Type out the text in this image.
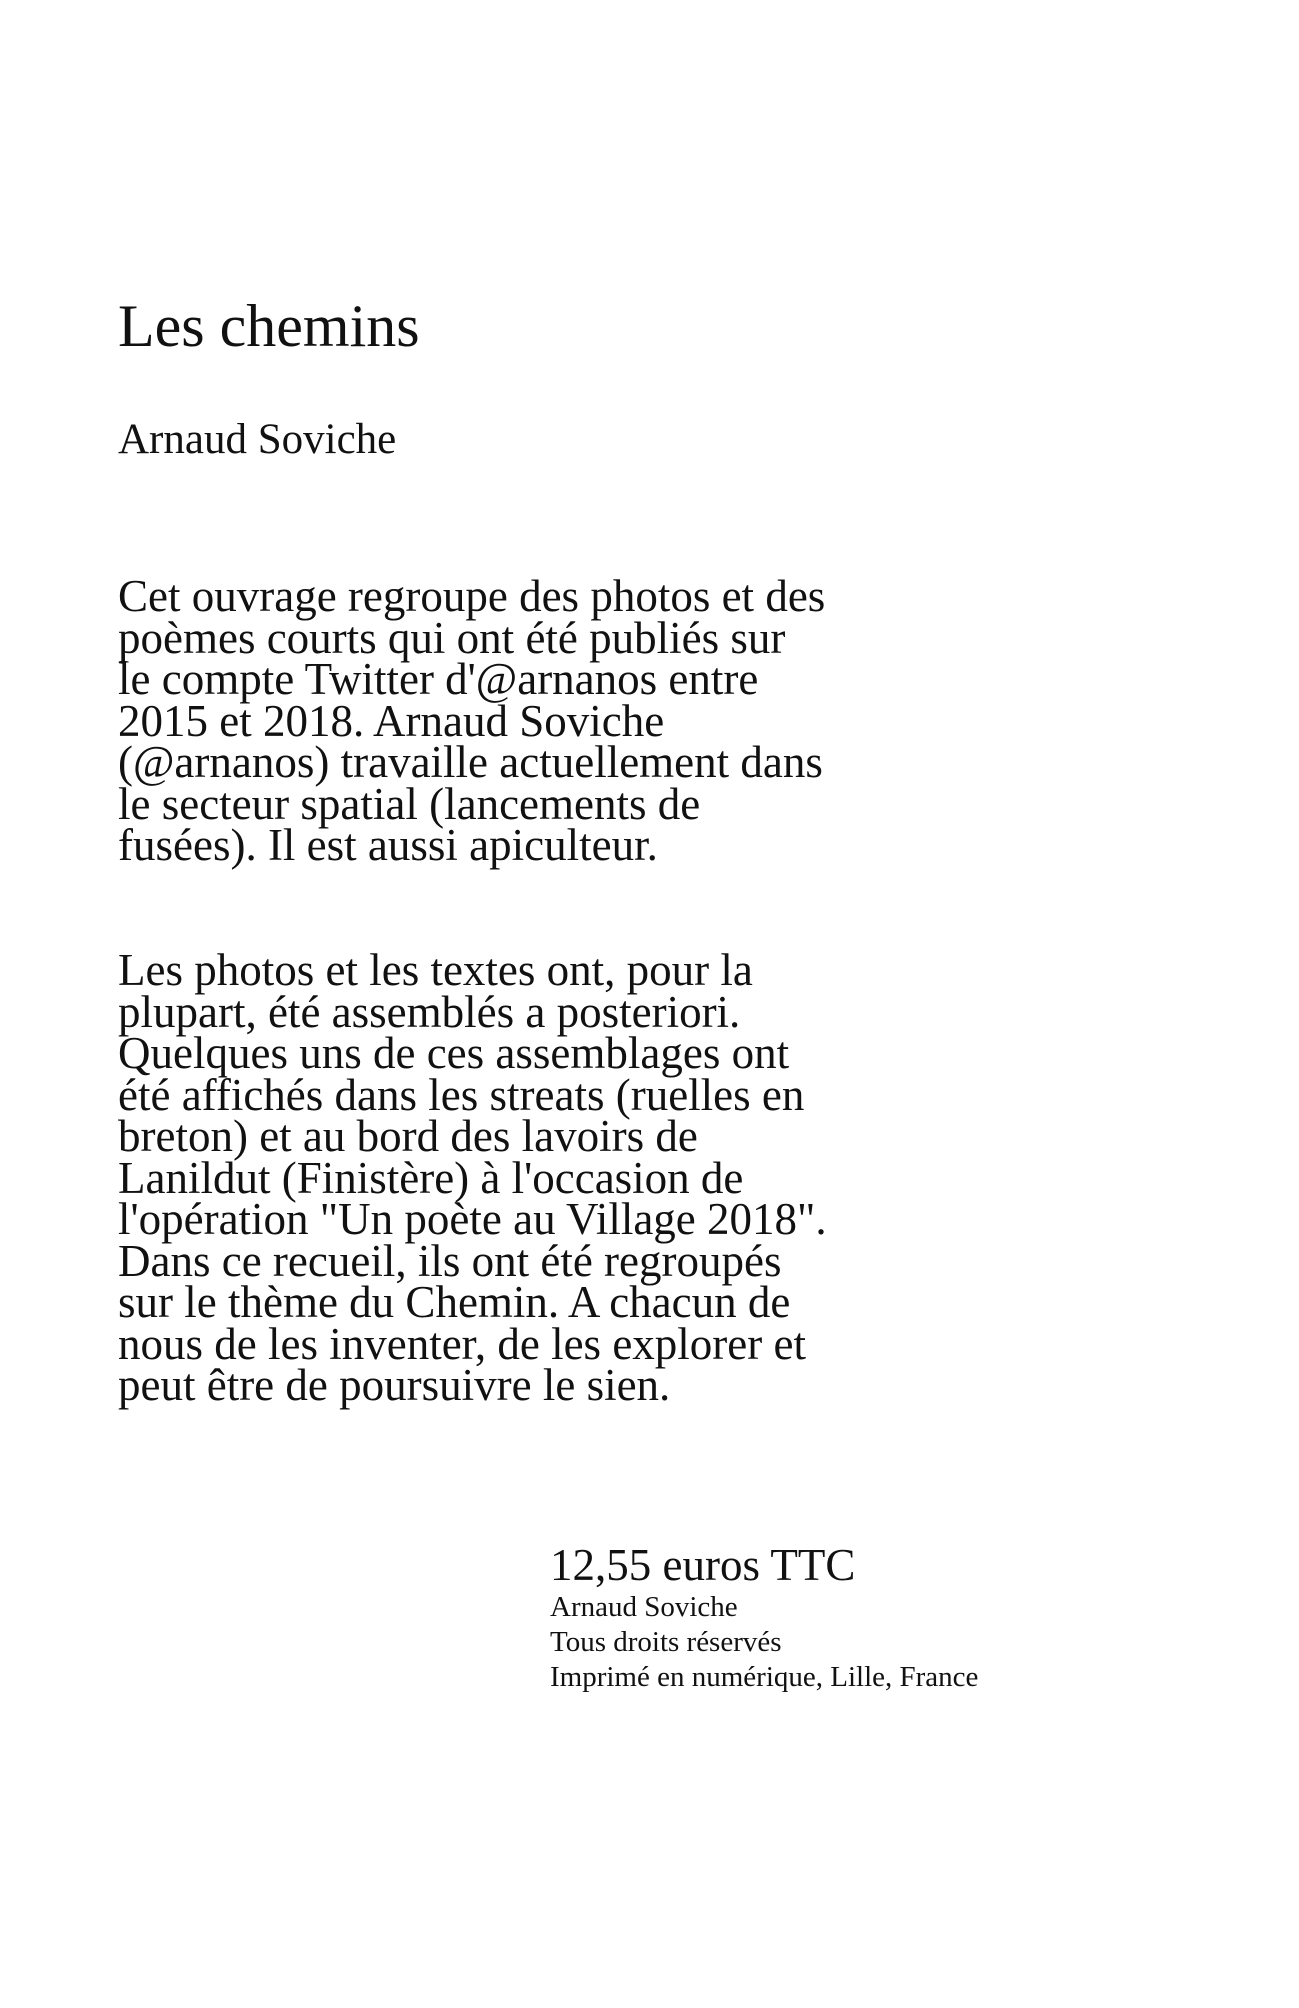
Les chemins

Arnaud Soviche

Cet ouvrage regroupe des photos et des
poèmes courts qui ont été publiés sur
le compte Twitter d'@arnanos entre
2015 et 2018. Arnaud Soviche
(@arnanos) travaille actuellement dans
le secteur spatial (lancements de
fusées). Il est aussi apiculteur.
Les photos et les textes ont, pour la
plupart, été assemblés a posteriori.
Quelques uns de ces assemblages ont
été affichés dans les streats (ruelles en
breton) et au bord des lavoirs de
Lanildut (Finistère) à l'occasion de
l'opération "Un poète au Village 2018".
Dans ce recueil, ils ont été regroupés
sur le thème du Chemin. A chacun de
nous de les inventer, de les explorer et
peut être de poursuivre le sien.
12,55 euros TTC
Arnaud Soviche
Tous droits réservés
Imprimé en numérique, Lille, France
